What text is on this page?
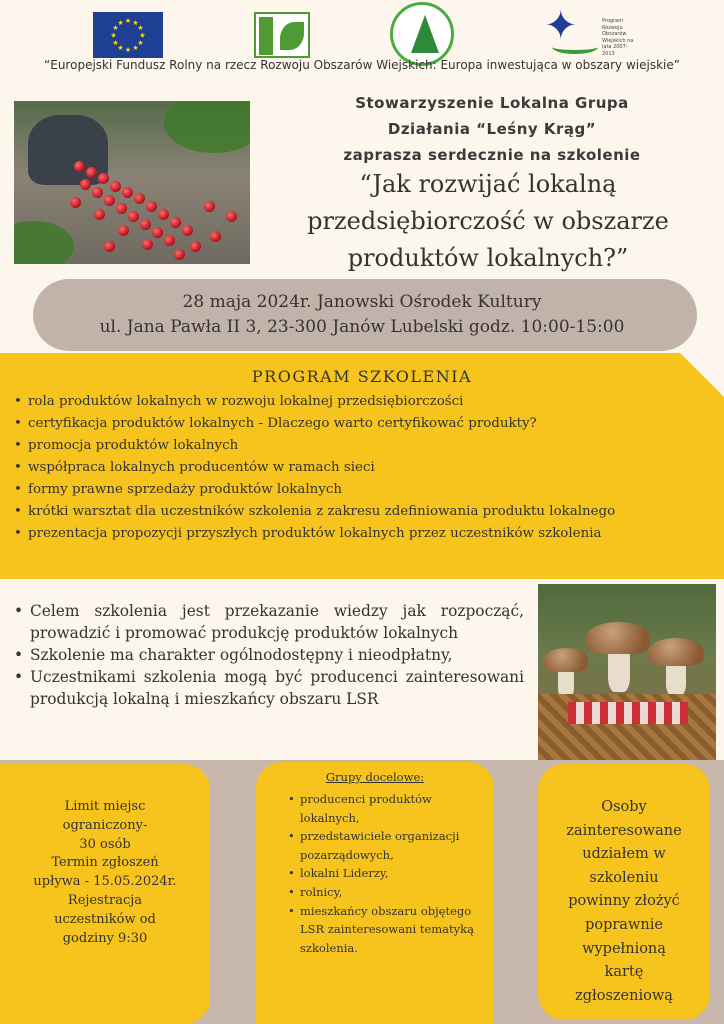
★ ★
★
★
★
★
★
★
★
★
★
★	✦	Program Rozwoju Obszarów Wiejskich na lata 2007-2013
“Europejski Fundusz Rolny na rzecz Rozwoju Obszarów Wiejskich: Europa inwestująca w obszary wiejskie”
Stowarzyszenie Lokalna Grupa
Działania “Leśny Krąg”
zaprasza serdecznie na szkolenie
“Jak rozwijać lokalną
przedsiębiorczość w obszarze
produktów lokalnych?”
28 maja 2024r. Janowski Ośrodek Kultury
ul. Jana Pawła II 3, 23-300 Janów Lubelski godz. 10:00-15:00
PROGRAM SZKOLENIA
• rola produktów lokalnych w rozwoju lokalnej przedsiębiorczości
• certyfikacja produktów lokalnych - Dlaczego warto certyfikować produkty?
• promocja produktów lokalnych
• współpraca lokalnych producentów w ramach sieci
• formy prawne sprzedaży produktów lokalnych
• krótki warsztat dla uczestników szkolenia z zakresu zdefiniowania produktu lokalnego
• prezentacja propozycji przyszłych produktów lokalnych przez uczestników szkolenia
• Celem szkolenia jest przekazanie wiedzy jak rozpocząć, prowadzić i promować produkcję produktów lokalnych
• Szkolenie ma charakter ogólnodostępny i nieodpłatny,
• Uczestnikami szkolenia mogą być producenci zainteresowani produkcją lokalną i mieszkańcy obszaru LSR
Limit miejsc
ograniczony-
30 osób
Termin zgłoszeń
upływa - 15.05.2024r.
Rejestracja
uczestników od
godziny 9:30
Grupy docelowe:
• producenci produktów lokalnych,
• przedstawiciele organizacji pozarządowych,
• lokalni Liderzy,
• rolnicy,
• mieszkańcy obszaru objętego LSR zainteresowani tematyką szkolenia.
Osoby
zainteresowane
udziałem w
szkoleniu
powinny złożyć
poprawnie
wypełnioną
kartę
zgłoszeniową
